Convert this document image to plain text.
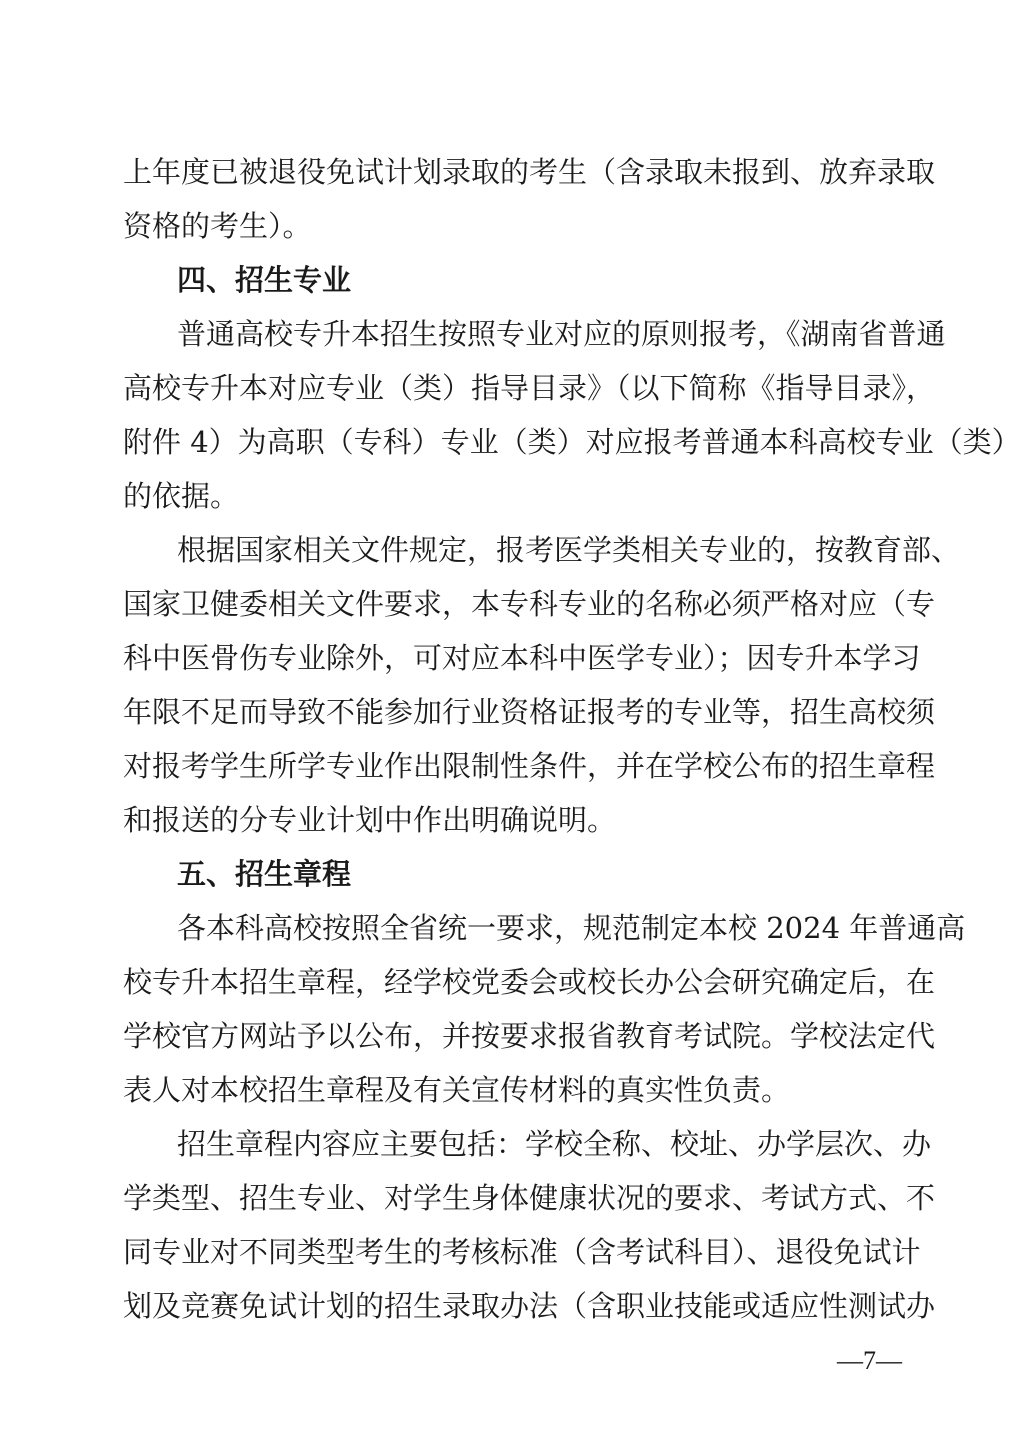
上年度已被退役免试计划录取的考生（含录取未报到、放弃录取
资格的考生）。
四、招生专业
普通高校专升本招生按照专业对应的原则报考，《湖南省普通
高校专升本对应专业（类）指导目录》（以下简称《指导目录》，
附件 4）为高职（专科）专业（类）对应报考普通本科高校专业（类）
的依据。
根据国家相关文件规定，报考医学类相关专业的，按教育部、
国家卫健委相关文件要求，本专科专业的名称必须严格对应（专
科中医骨伤专业除外，可对应本科中医学专业）；因专升本学习
年限不足而导致不能参加行业资格证报考的专业等，招生高校须
对报考学生所学专业作出限制性条件，并在学校公布的招生章程
和报送的分专业计划中作出明确说明。
五、招生章程
各本科高校按照全省统一要求，规范制定本校 2024 年普通高
校专升本招生章程，经学校党委会或校长办公会研究确定后，在
学校官方网站予以公布，并按要求报省教育考试院。学校法定代
表人对本校招生章程及有关宣传材料的真实性负责。
招生章程内容应主要包括：学校全称、校址、办学层次、办
学类型、招生专业、对学生身体健康状况的要求、考试方式、不
同专业对不同类型考生的考核标准（含考试科目）、退役免试计
划及竞赛免试计划的招生录取办法（含职业技能或适应性测试办
—7—
